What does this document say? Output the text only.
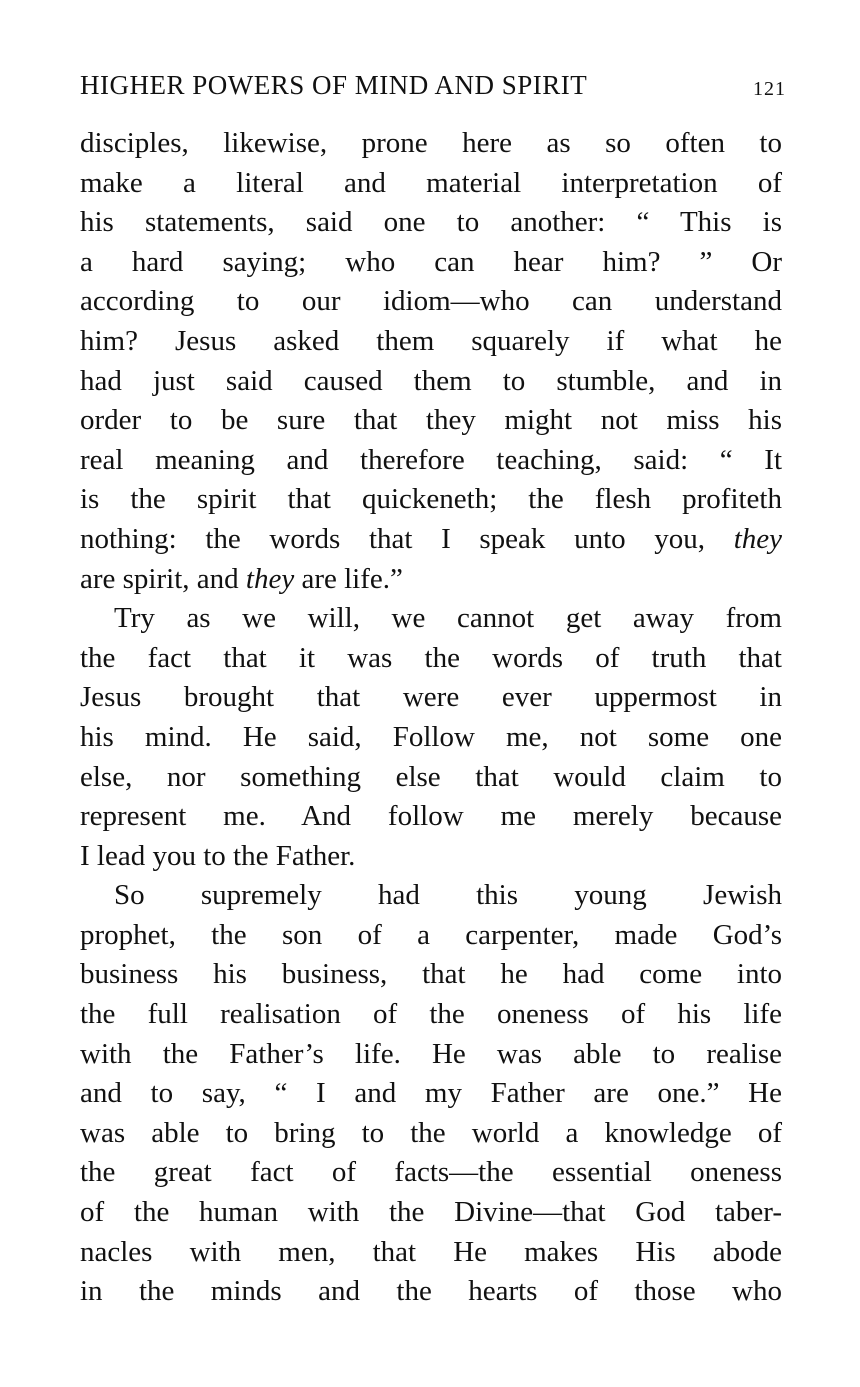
HIGHER POWERS OF MIND AND SPIRIT	121
disciples, likewise, prone here as so often to
make a literal and material interpretation of
his statements, said one to another: “ This is
a hard saying; who can hear him? ” Or
according to our idiom—who can understand
him? Jesus asked them squarely if what he
had just said caused them to stumble, and in
order to be sure that they might not miss his
real meaning and therefore teaching, said: “ It
is the spirit that quickeneth; the flesh profiteth
nothing: the words that I speak unto you, they
are spirit, and they are life.”
Try as we will, we cannot get away from
the fact that it was the words of truth that
Jesus brought that were ever uppermost in
his mind. He said, Follow me, not some one
else, nor something else that would claim to
represent me. And follow me merely because
I lead you to the Father.
So supremely had this young Jewish
prophet, the son of a carpenter, made God’s
business his business, that he had come into
the full realisation of the oneness of his life
with the Father’s life. He was able to realise
and to say, “ I and my Father are one.” He
was able to bring to the world a knowledge of
the great fact of facts—the essential oneness
of the human with the Divine—that God taber-
nacles with men, that He makes His abode
in the minds and the hearts of those who
